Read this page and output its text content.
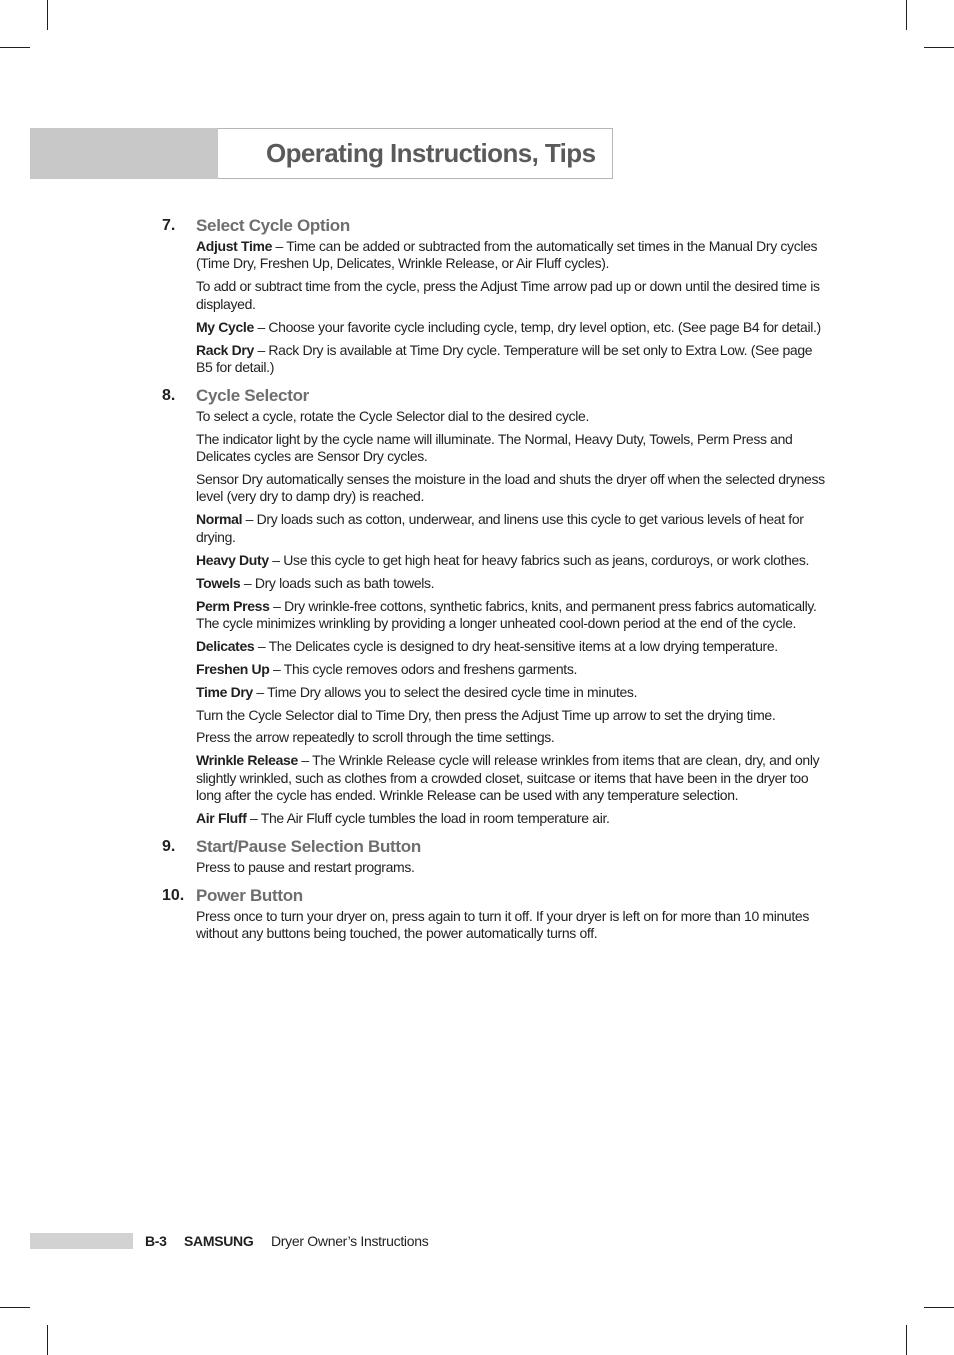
Operating Instructions, Tips
7. Select Cycle Option

Adjust Time – Time can be added or subtracted from the automatically set times in the Manual Dry cycles (Time Dry, Freshen Up, Delicates, Wrinkle Release, or Air Fluff cycles).

To add or subtract time from the cycle, press the Adjust Time arrow pad up or down until the desired time is displayed.

My Cycle – Choose your favorite cycle including cycle, temp, dry level option, etc. (See page B4 for detail.)

Rack Dry – Rack Dry is available at Time Dry cycle. Temperature will be set only to Extra Low. (See page B5 for detail.)

8. Cycle Selector

To select a cycle, rotate the Cycle Selector dial to the desired cycle.

The indicator light by the cycle name will illuminate. The Normal, Heavy Duty, Towels, Perm Press and Delicates cycles are Sensor Dry cycles.

Sensor Dry automatically senses the moisture in the load and shuts the dryer off when the selected dryness level (very dry to damp dry) is reached.

Normal – Dry loads such as cotton, underwear, and linens use this cycle to get various levels of heat for drying.

Heavy Duty – Use this cycle to get high heat for heavy fabrics such as jeans, corduroys, or work clothes.

Towels – Dry loads such as bath towels.

Perm Press – Dry wrinkle-free cottons, synthetic fabrics, knits, and permanent press fabrics automatically. The cycle minimizes wrinkling by providing a longer unheated cool-down period at the end of the cycle.

Delicates – The Delicates cycle is designed to dry heat-sensitive items at a low drying temperature.

Freshen Up – This cycle removes odors and freshens garments.

Time Dry – Time Dry allows you to select the desired cycle time in minutes.

Turn the Cycle Selector dial to Time Dry, then press the Adjust Time up arrow to set the drying time.

Press the arrow repeatedly to scroll through the time settings.

Wrinkle Release – The Wrinkle Release cycle will release wrinkles from items that are clean, dry, and only slightly wrinkled, such as clothes from a crowded closet, suitcase or items that have been in the dryer too long after the cycle has ended. Wrinkle Release can be used with any temperature selection.

Air Fluff – The Air Fluff cycle tumbles the load in room temperature air.

9. Start/Pause Selection Button

Press to pause and restart programs.

10. Power Button

Press once to turn your dryer on, press again to turn it off. If your dryer is left on for more than 10 minutes without any buttons being touched, the power automatically turns off.

B-3 SAMSUNG Dryer Owner’s Instructions
